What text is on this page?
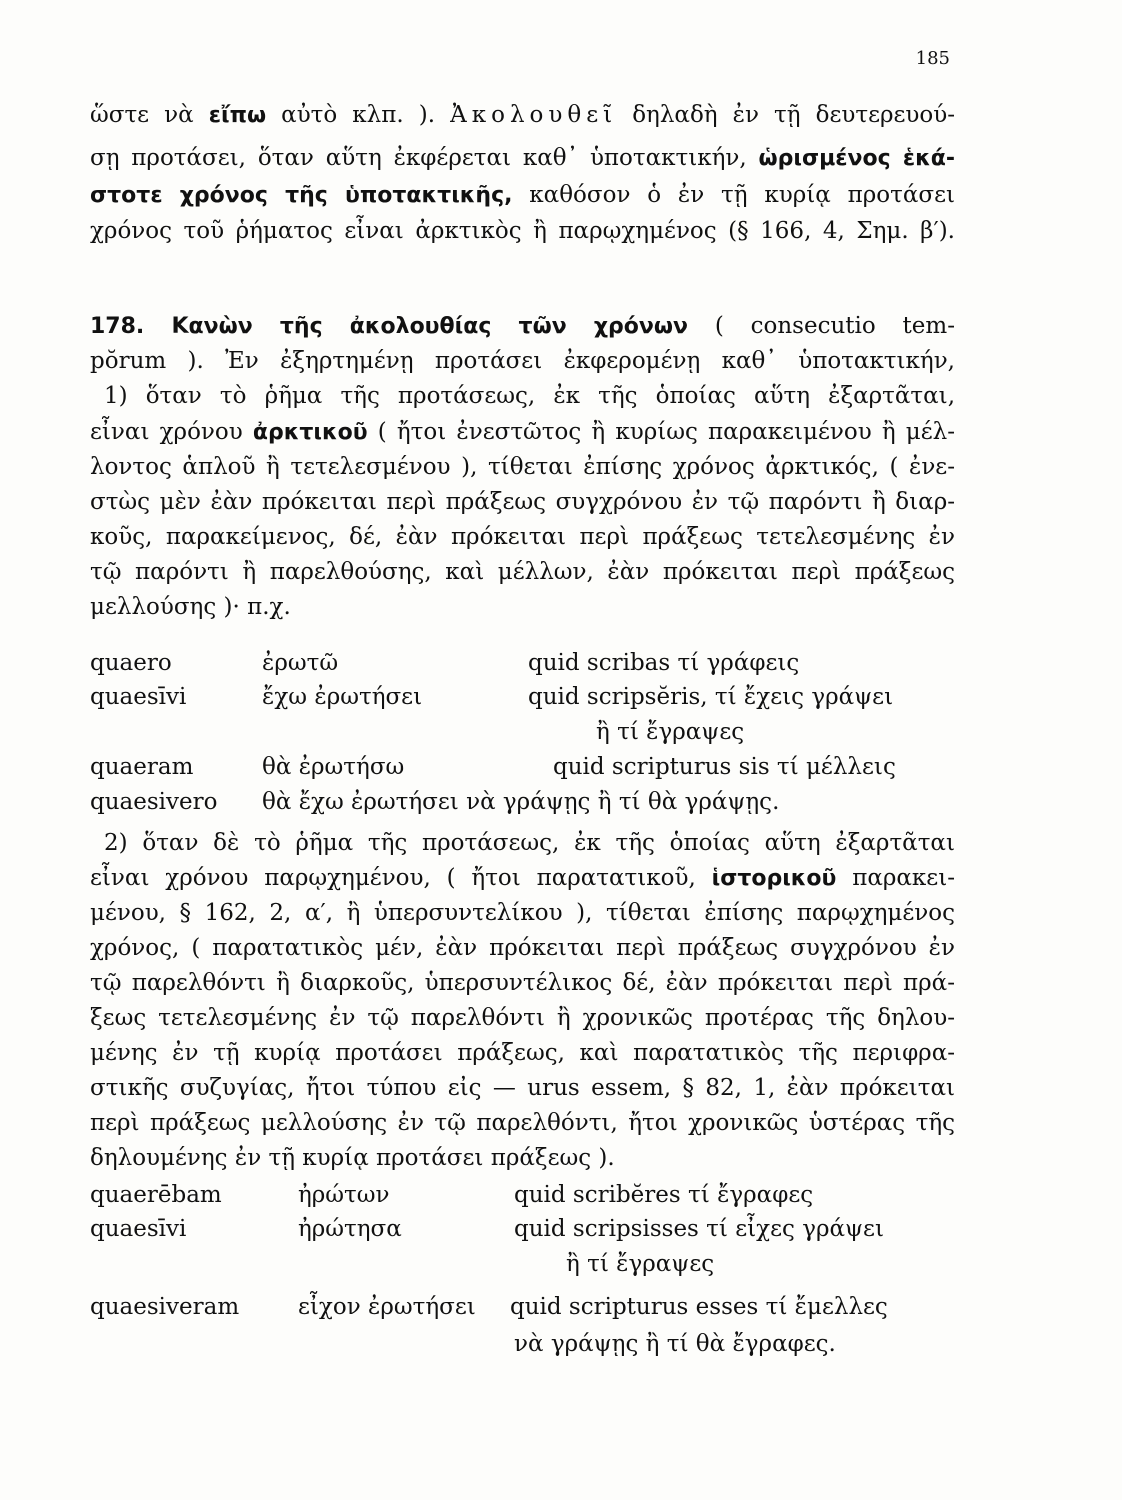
185
ὥστε νὰ εἴπω αὐτὸ κλπ. ). Ἀκολουθεῖ δηλαδὴ ἐν τῇ δευτερευού-
σῃ προτάσει, ὅταν αὕτη ἐκφέρεται καθ᾽ ὑποτακτικήν, ὡρισμένος ἑκά-
στοτε χρόνος τῆς ὑποτακτικῆς, καθόσον ὁ ἐν τῇ κυρίᾳ προτάσει
χρόνος τοῦ ῥήματος εἶναι ἀρκτικὸς ἢ παρῳχημένος (§ 166, 4, Σημ. β′).
178. Κανὼν τῆς ἀκολουθίας τῶν χρόνων ( consecutio tem-
pŏrum ). Ἐν ἐξηρτημένῃ προτάσει ἐκφερομένῃ καθ᾽ ὑποτακτικήν,
1) ὅταν τὸ ῥῆμα τῆς προτάσεως, ἐκ τῆς ὁποίας αὕτη ἐξαρτᾶται,
εἶναι χρόνου ἀρκτικοῦ ( ἤτοι ἐνεστῶτος ἢ κυρίως παρακειμένου ἢ μέλ-
λοντος ἁπλοῦ ἢ τετελεσμένου ), τίθεται ἐπίσης χρόνος ἀρκτικός, ( ἐνε-
στὼς μὲν ἐὰν πρόκειται περὶ πράξεως συγχρόνου ἐν τῷ παρόντι ἢ διαρ-
κοῦς, παρακείμενος, δέ, ἐὰν πρόκειται περὶ πράξεως τετελεσμένης ἐν
τῷ παρόντι ἢ παρελθούσης, καὶ μέλλων, ἐὰν πρόκειται περὶ πράξεως
μελλούσης )· π.χ.
quaero	ἐρωτῶ	quid scribas τί γράφεις
quaesīvi	ἔχω ἐρωτήσει	quid scripsĕris, τί ἔχεις γράψει
ἢ τί ἔγραψες
quaeram	θὰ ἐρωτήσω	quid scripturus sis τί μέλλεις
quaesivero θὰ ἔχω ἐρωτήσει νὰ γράψῃς ἢ τί θὰ γράψῃς.
2) ὅταν δὲ τὸ ῥῆμα τῆς προτάσεως, ἐκ τῆς ὁποίας αὕτη ἐξαρτᾶται
εἶναι χρόνου παρῳχημένου, ( ἤτοι παρατατικοῦ, ἱστορικοῦ παρακει-
μένου, § 162, 2, α′, ἢ ὑπερσυντελίκου ), τίθεται ἐπίσης παρῳχημένος
χρόνος, ( παρατατικὸς μέν, ἐὰν πρόκειται περὶ πράξεως συγχρόνου ἐν
τῷ παρελθόντι ἢ διαρκοῦς, ὑπερσυντέλικος δέ, ἐὰν πρόκειται περὶ πρά-
ξεως τετελεσμένης ἐν τῷ παρελθόντι ἢ χρονικῶς προτέρας τῆς δηλου-
μένης ἐν τῇ κυρίᾳ προτάσει πράξεως, καὶ παρατατικὸς τῆς περιφρα-
στικῆς συζυγίας, ἤτοι τύπου εἰς — urus essem, § 82, 1, ἐὰν πρόκειται
περὶ πράξεως μελλούσης ἐν τῷ παρελθόντι, ἤτοι χρονικῶς ὑστέρας τῆς
δηλουμένης ἐν τῇ κυρίᾳ προτάσει πράξεως ).
quaerēbam	ἠρώτων	quid scribĕres τί ἔγραφες
quaesīvi	ἠρώτησα	quid scripsisses τί εἶχες γράψει
ἢ τί ἔγραψες
quaesiveram	εἶχον ἐρωτήσει quid scripturus esses τί ἔμελλες
νὰ γράψῃς ἢ τί θὰ ἔγραφες.
